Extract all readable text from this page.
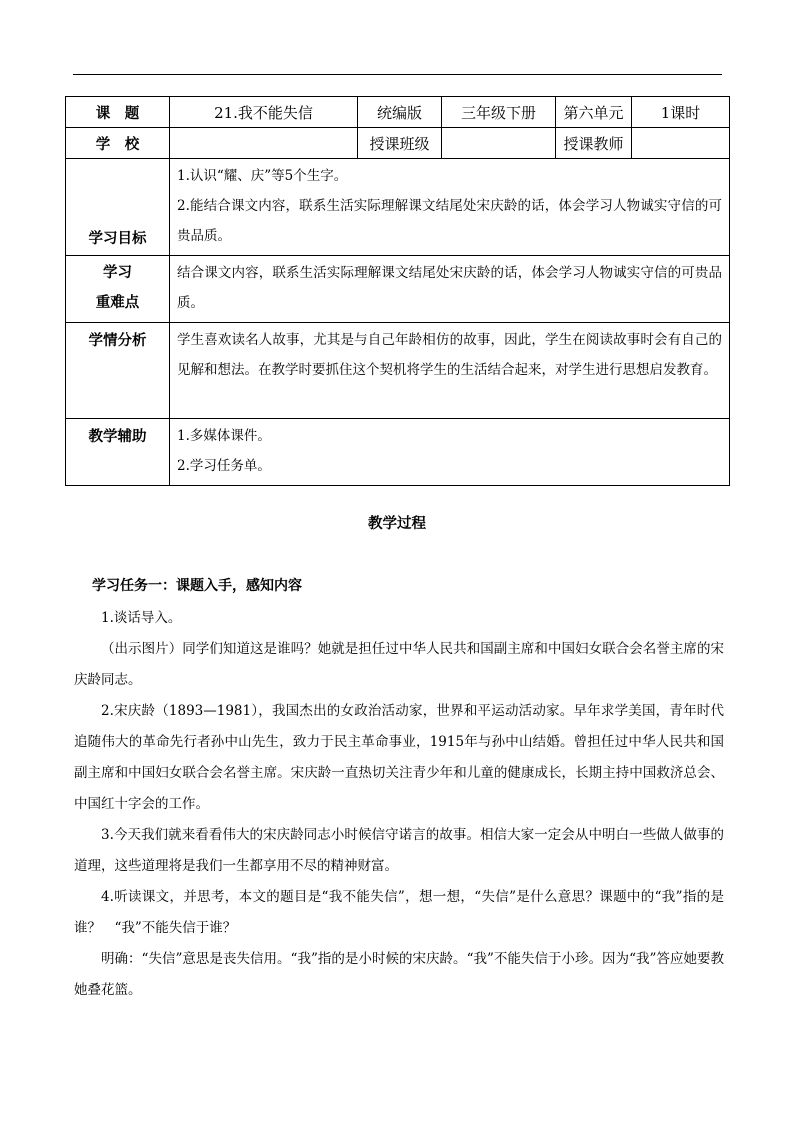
课　题	21.我不能失信	统编版	三年级下册	第六单元	1课时
学　校		授课班级		授课教师	
学习目标	1.认识“耀、庆”等5个生字。

2.能结合课文内容，联系生活实际理解课文结尾处宋庆龄的话，体会学习人物诚实守信的可贵品质。				

学习
重难点	结合课文内容，联系生活实际理解课文结尾处宋庆龄的话，体会学习人物诚实守信的可贵品质。				

学情分析	学生喜欢读名人故事，尤其是与自己年龄相仿的故事，因此，学生在阅读故事时会有自己的见解和想法。在教学时要抓住这个契机将学生的生活结合起来，对学生进行思想启发教育。				

教学辅助	1.多媒体课件。

2.学习任务单。				

教学过程
学习任务一：课题入手，感知内容

1.谈话导入。

（出示图片）同学们知道这是谁吗？她就是担任过中华人民共和国副主席和中国妇女联合会名誉主席的宋庆龄同志。

2.宋庆龄（1893—1981），我国杰出的女政治活动家，世界和平运动活动家。早年求学美国，青年时代追随伟大的革命先行者孙中山先生，致力于民主革命事业，1915年与孙中山结婚。曾担任过中华人民共和国副主席和中国妇女联合会名誉主席。宋庆龄一直热切关注青少年和儿童的健康成长，长期主持中国救济总会、中国红十字会的工作。

3.今天我们就来看看伟大的宋庆龄同志小时候信守诺言的故事。相信大家一定会从中明白一些做人做事的道理，这些道理将是我们一生都享用不尽的精神财富。

4.听读课文，并思考，本文的题目是“我不能失信”，想一想，“失信”是什么意思？课题中的“我”指的是谁？　“我”不能失信于谁？

明确：“失信”意思是丧失信用。“我”指的是小时候的宋庆龄。“我”不能失信于小珍。因为“我”答应她要教她叠花篮。
